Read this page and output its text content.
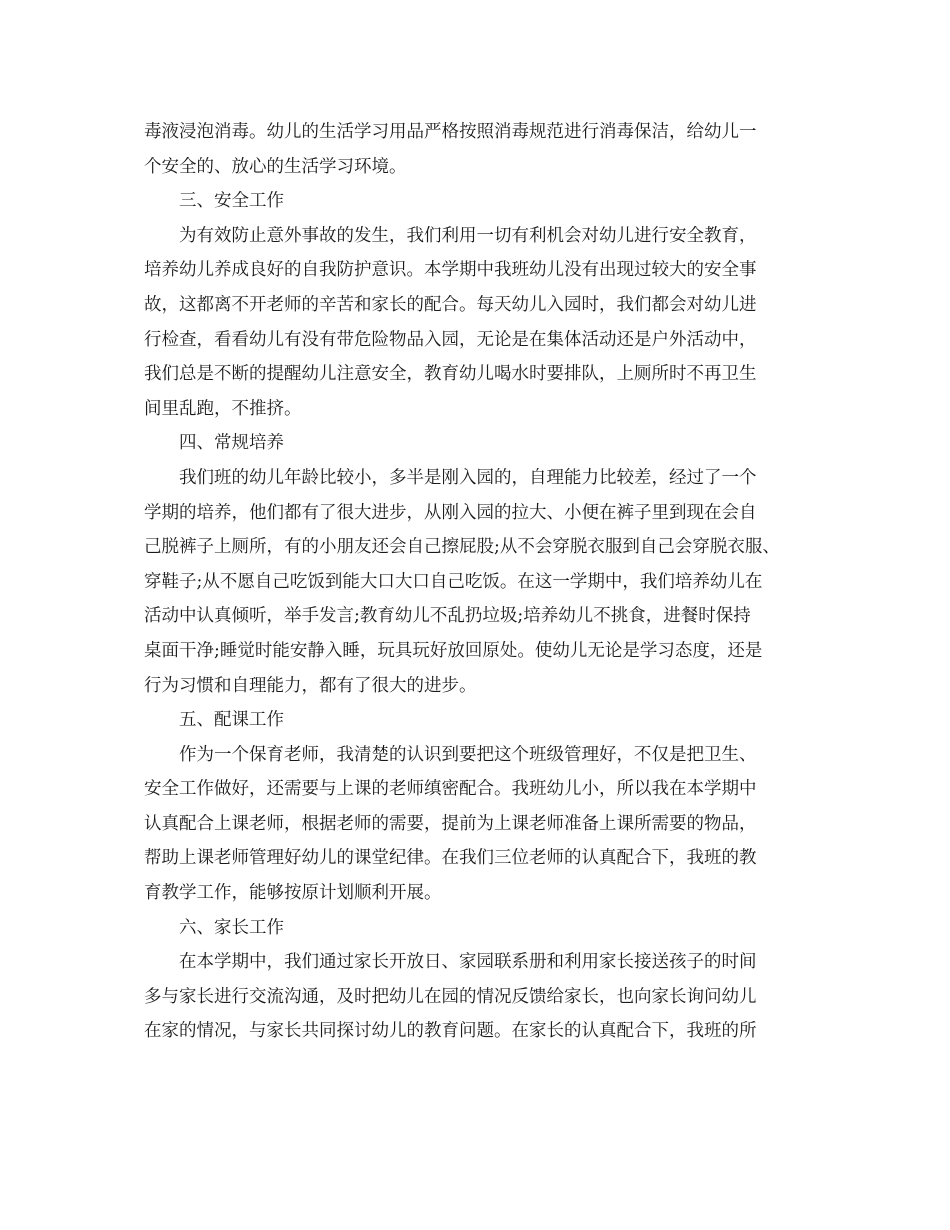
毒液浸泡消毒。幼儿的生活学习用品严格按照消毒规范进行消毒保洁，给幼儿一
个安全的、放心的生活学习环境。
三、安全工作
为有效防止意外事故的发生，我们利用一切有利机会对幼儿进行安全教育，
培养幼儿养成良好的自我防护意识。本学期中我班幼儿没有出现过较大的安全事
故，这都离不开老师的辛苦和家长的配合。每天幼儿入园时，我们都会对幼儿进
行检查，看看幼儿有没有带危险物品入园，无论是在集体活动还是户外活动中，
我们总是不断的提醒幼儿注意安全，教育幼儿喝水时要排队，上厕所时不再卫生
间里乱跑，不推挤。
四、常规培养
我们班的幼儿年龄比较小，多半是刚入园的，自理能力比较差，经过了一个
学期的培养，他们都有了很大进步，从刚入园的拉大、小便在裤子里到现在会自
己脱裤子上厕所，有的小朋友还会自己擦屁股;从不会穿脱衣服到自己会穿脱衣服、
穿鞋子;从不愿自己吃饭到能大口大口自己吃饭。在这一学期中，我们培养幼儿在
活动中认真倾听，举手发言;教育幼儿不乱扔垃圾;培养幼儿不挑食，进餐时保持
桌面干净;睡觉时能安静入睡，玩具玩好放回原处。使幼儿无论是学习态度，还是
行为习惯和自理能力，都有了很大的进步。
五、配课工作
作为一个保育老师，我清楚的认识到要把这个班级管理好，不仅是把卫生、
安全工作做好，还需要与上课的老师缜密配合。我班幼儿小，所以我在本学期中
认真配合上课老师，根据老师的需要，提前为上课老师准备上课所需要的物品，
帮助上课老师管理好幼儿的课堂纪律。在我们三位老师的认真配合下，我班的教
育教学工作，能够按原计划顺利开展。
六、家长工作
在本学期中，我们通过家长开放日、家园联系册和利用家长接送孩子的时间
多与家长进行交流沟通，及时把幼儿在园的情况反馈给家长，也向家长询问幼儿
在家的情况，与家长共同探讨幼儿的教育问题。在家长的认真配合下，我班的所
